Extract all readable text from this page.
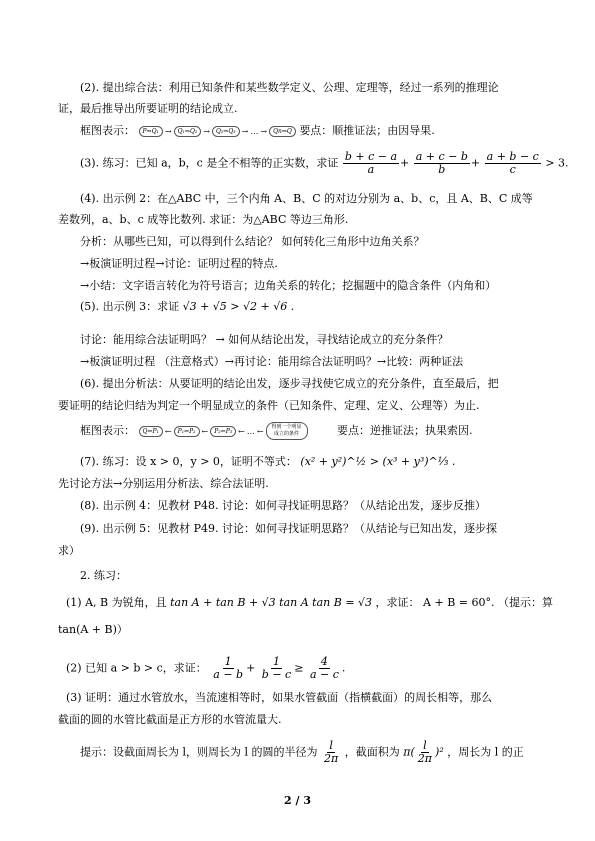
(2). 提出综合法：利用已知条件和某些数学定义、公理、定理等，经过一系列的推理论
证，最后推导出所要证明的结论成立.
框图表示：	P⇒Q₁ →	Q₁⇒Q₂ →	Q₂⇒Q₃ → … →	Qn⇒Q 要点：顺推证法；由因导果.
(3). 练习：已知 a，b，c 是全不相等的正实数，求证 $\frac{b + c - a}{a} + \frac{a + c - b}{b} + \frac{a + b - c}{c} > 3$.
(4). 出示例 2：在△ABC 中，三个内角 A、B、C 的对边分别为 a、b、c，且 A、B、C 成等
差数列，a、b、c 成等比数列. 求证：为△ABC 等边三角形.
分析：从哪些已知，可以得到什么结论？ 如何转化三角形中边角关系？
→板演证明过程→讨论：证明过程的特点.
→小结：文字语言转化为符号语言；边角关系的转化；挖掘题中的隐含条件（内角和）
(5). 出示例 3：求证 √3 + √5 > √2 + √6 .
讨论：能用综合法证明吗？ → 如何从结论出发，寻找结论成立的充分条件？
→板演证明过程 （注意格式）→再讨论：能用综合法证明吗？→比较：两种证法
(6). 提出分析法：从要证明的结论出发，逐步寻找使它成立的充分条件，直至最后，把
要证明的结论归结为判定一个明显成立的条件（已知条件、定理、定义、公理等）为止.
框图表示：	Q⇐P₁ ←	P₁⇐P₂ ←	P₂⇐P₃ ← … ←	得到一个明显成立的条件	要点：逆推证法；执果索因.
(7). 练习：设 x > 0，y > 0，证明不等式： (x² + y²)^½ > (x³ + y³)^⅓ .
先讨论方法→分别运用分析法、综合法证明.
(8). 出示例 4：见教材 P48. 讨论：如何寻找证明思路？（从结论出发，逐步反推）
(9). 出示例 5：见教材 P49. 讨论：如何寻找证明思路？（从结论与已知出发，逐步探
求）
2. 练习：
(1) A, B 为锐角，且 tan A + tan B + √3 tan A tan B = √3 ，求证： A + B = 60°. （提示：算
tan(A + B)）
(2) 已知 a > b > c，求证： $\frac{1}{a - b} + \frac{1}{b - c} \ge \frac{4}{a - c}$ .
(3) 证明：通过水管放水，当流速相等时，如果水管截面（指横截面）的周长相等，那么
截面的圆的水管比截面是正方形的水管流量大.
提示：设截面周长为 l，则周长为 l 的圆的半径为 $\frac{l}{2\pi}$ ，截面积为 $\pi( \frac{l}{2\pi} )^2$ ，周长为 l 的正
2 / 3
